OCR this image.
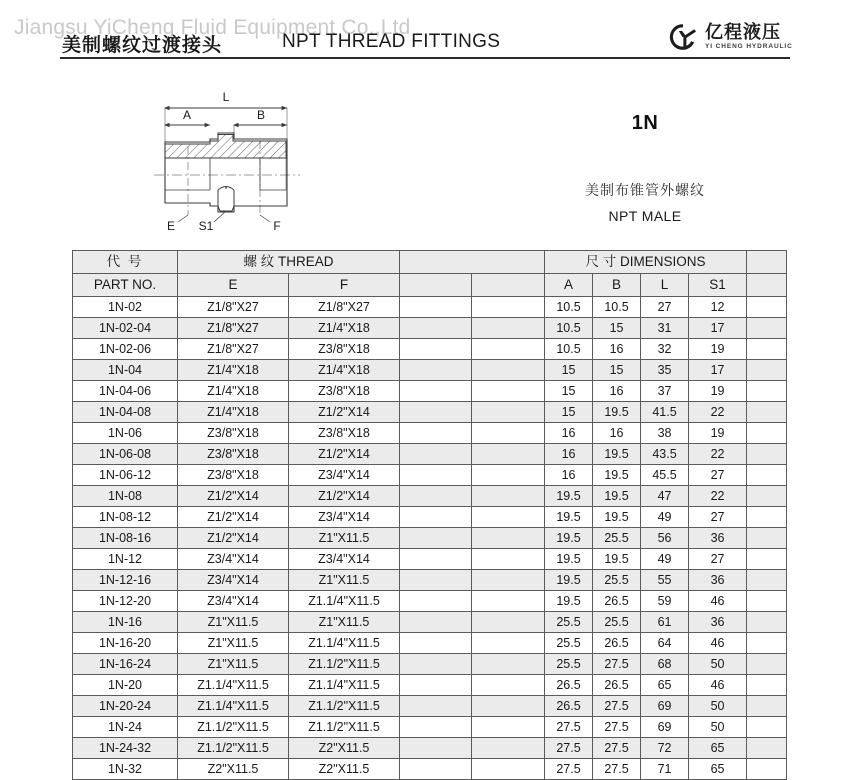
Jiangsu YiCheng Fluid Equipment Co.,Ltd
美制螺纹过渡接头	NPT THREAD FITTINGS	亿程液压
YI CHENG HYDRAULIC
L
A	B
E S1	F
1N
美制布锥管外螺纹
NPT MALE
代 号	螺 纹 THREAD				尺 寸 DIMENSIONS				
PART NO.	E	F			A	B	L	S1	
1N-02	Z1/8"X27	Z1/8"X27			10.5	10.5	27	12	
1N-02-04	Z1/8"X27	Z1/4"X18			10.5	15	31	17	
1N-02-06	Z1/8"X27	Z3/8"X18			10.5	16	32	19	
1N-04	Z1/4"X18	Z1/4"X18			15	15	35	17	
1N-04-06	Z1/4"X18	Z3/8"X18			15	16	37	19	
1N-04-08	Z1/4"X18	Z1/2"X14			15	19.5	41.5	22	
1N-06	Z3/8"X18	Z3/8"X18			16	16	38	19	
1N-06-08	Z3/8"X18	Z1/2"X14			16	19.5	43.5	22	
1N-06-12	Z3/8"X18	Z3/4"X14			16	19.5	45.5	27	
1N-08	Z1/2"X14	Z1/2"X14			19.5	19.5	47	22	
1N-08-12	Z1/2"X14	Z3/4"X14			19.5	19.5	49	27	
1N-08-16	Z1/2"X14	Z1"X11.5			19.5	25.5	56	36	
1N-12	Z3/4"X14	Z3/4"X14			19.5	19.5	49	27	
1N-12-16	Z3/4"X14	Z1"X11.5			19.5	25.5	55	36	
1N-12-20	Z3/4"X14	Z1.1/4"X11.5			19.5	26.5	59	46	
1N-16	Z1"X11.5	Z1"X11.5			25.5	25.5	61	36	
1N-16-20	Z1"X11.5	Z1.1/4"X11.5			25.5	26.5	64	46	
1N-16-24	Z1"X11.5	Z1.1/2"X11.5			25.5	27.5	68	50	
1N-20	Z1.1/4"X11.5	Z1.1/4"X11.5			26.5	26.5	65	46	
1N-20-24	Z1.1/4"X11.5	Z1.1/2"X11.5			26.5	27.5	69	50	
1N-24	Z1.1/2"X11.5	Z1.1/2"X11.5			27.5	27.5	69	50	
1N-24-32	Z1.1/2"X11.5	Z2"X11.5			27.5	27.5	72	65	
1N-32	Z2"X11.5	Z2"X11.5			27.5	27.5	71	65	
